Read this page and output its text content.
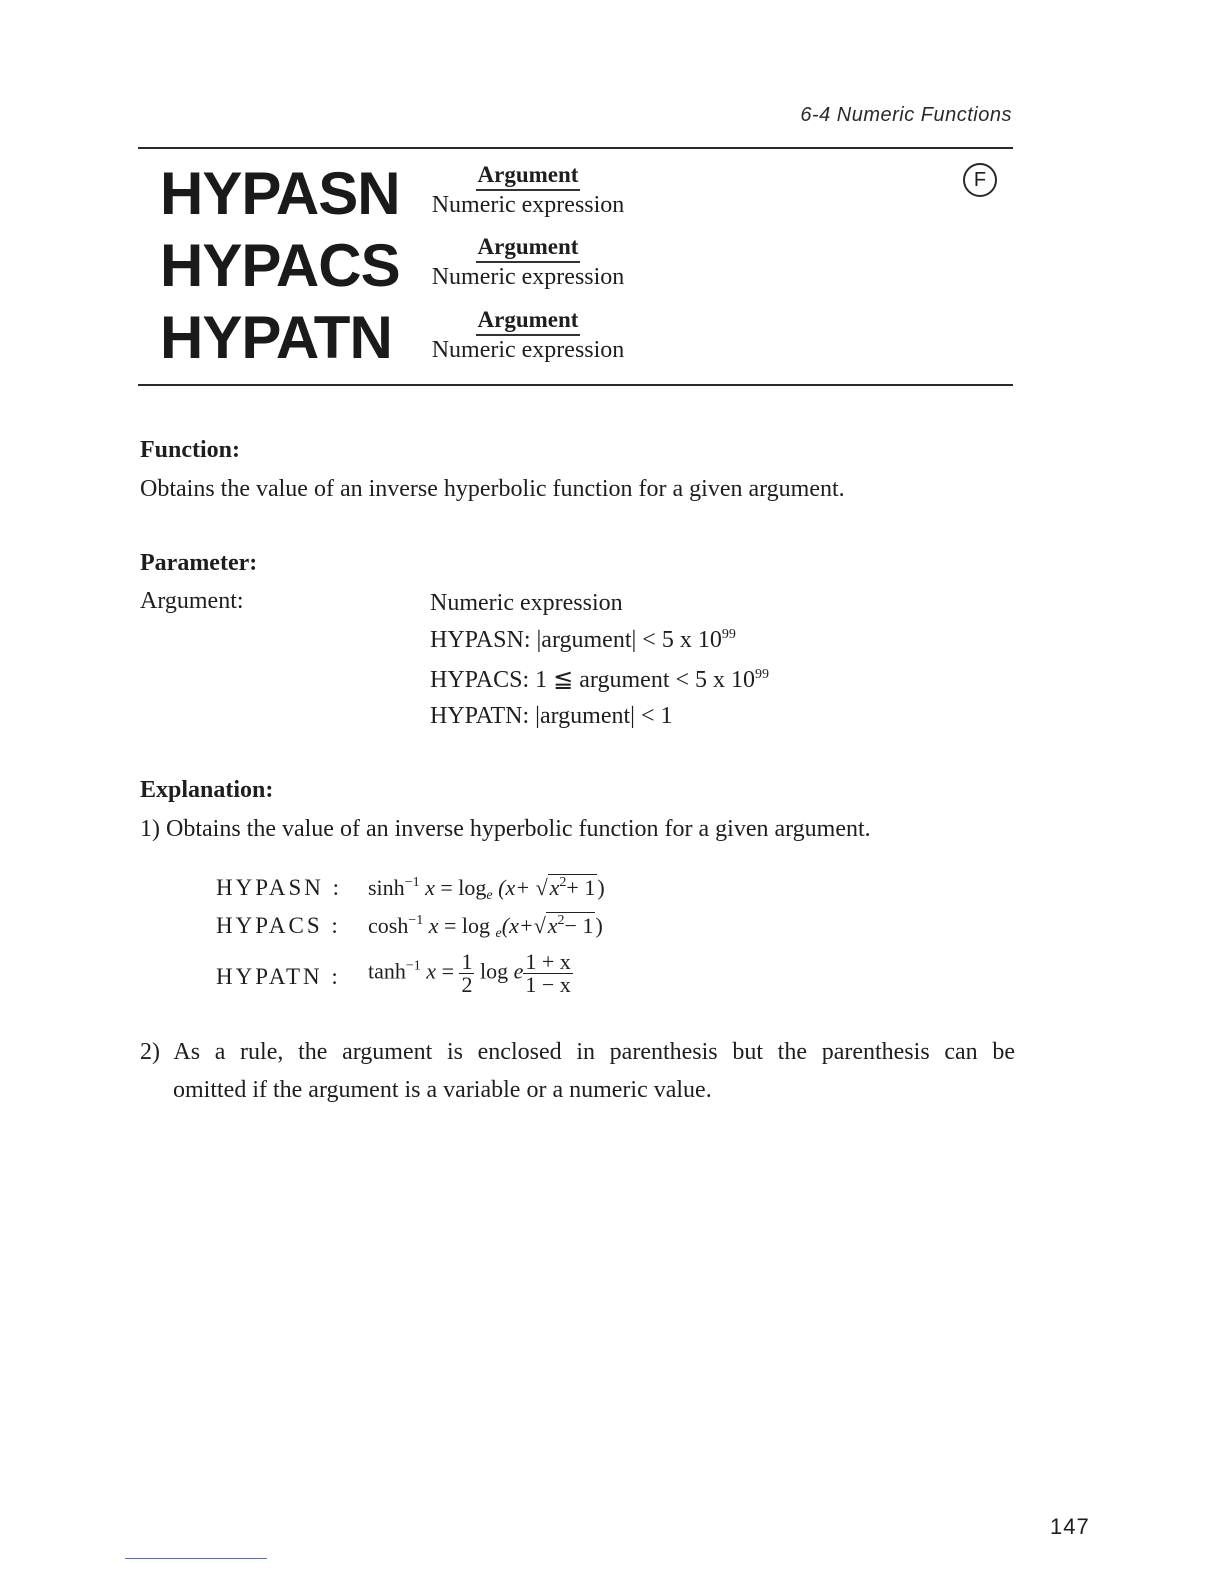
6-4 Numeric Functions
HYPASN	Argument
Numeric expression
HYPACS	Argument
Numeric expression
HYPATN	Argument
Numeric expression
F
Function:
Obtains the value of an inverse hyperbolic function for a given argument.
Parameter:
Argument:	Numeric expression
HYPASN: |argument| < 5 x $10^{99}$
HYPACS: 1 ≦ argument < 5 x $10^{99}$
HYPATN: |argument| < 1
Explanation:
1) Obtains the value of an inverse hyperbolic function for a given argument.
HYPASN :	$\sinh^{-1} x = \log_e (x+ √x^2+ 1)$
HYPACS :	$\cosh^{-1} x = \log _e(x+√x^2- 1)$
HYPATN :	$\tanh^{-1} x = \frac{1}{2}$ log e $\frac{1 + x}{1 - x}$
2) As a rule, the argument is enclosed in parenthesis but the parenthesis can be
omitted if the argument is a variable or a numeric value.
147
